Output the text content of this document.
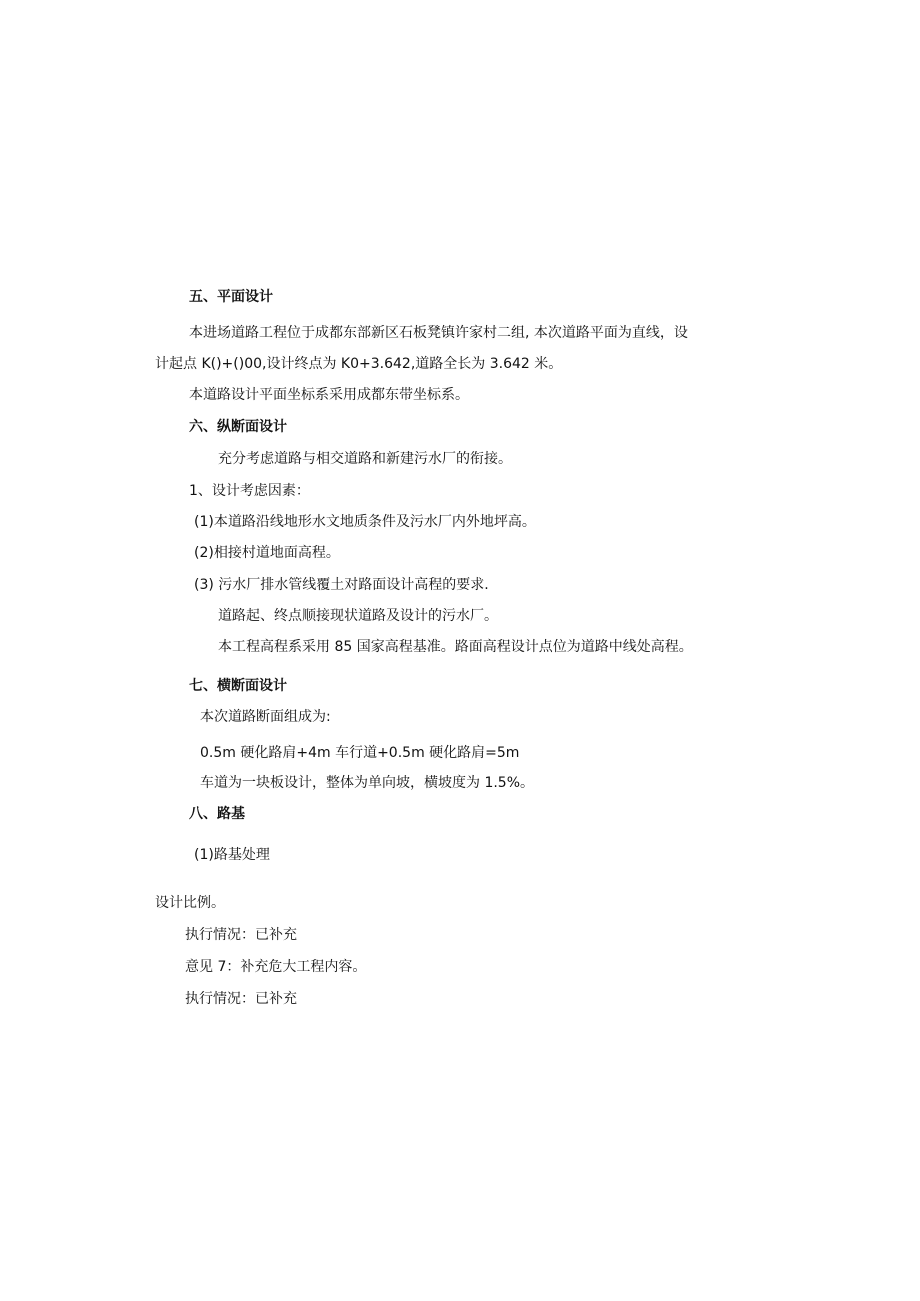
五、平面设计
本进场道路工程位于成都东部新区石板凳镇许家村二组, 本次道路平面为直线，设
计起点 K()+()00,设计终点为 K0+3.642,道路全长为 3.642 米。
本道路设计平面坐标系采用成都东带坐标系。
六、纵断面设计
充分考虑道路与相交道路和新建污水厂的衔接。
1、设计考虑因素：
(1)本道路沿线地形水文地质条件及污水厂内外地坪高。
(2)相接村道地面高程。
(3) 污水厂排水管线覆土对路面设计高程的要求.
道路起、终点顺接现状道路及设计的污水厂。
本工程高程系采用 85 国家高程基准。路面高程设计点位为道路中线处高程。
七、横断面设计
本次道路断面组成为:
0.5m 硬化路肩+4m 车行道+0.5m 硬化路肩=5m
车道为一块板设计，整体为单向坡，横坡度为 1.5%。
八、路基
(1)路基处理
设计比例。
执行情况：已补充
意见 7：补充危大工程内容。
执行情况：已补充
